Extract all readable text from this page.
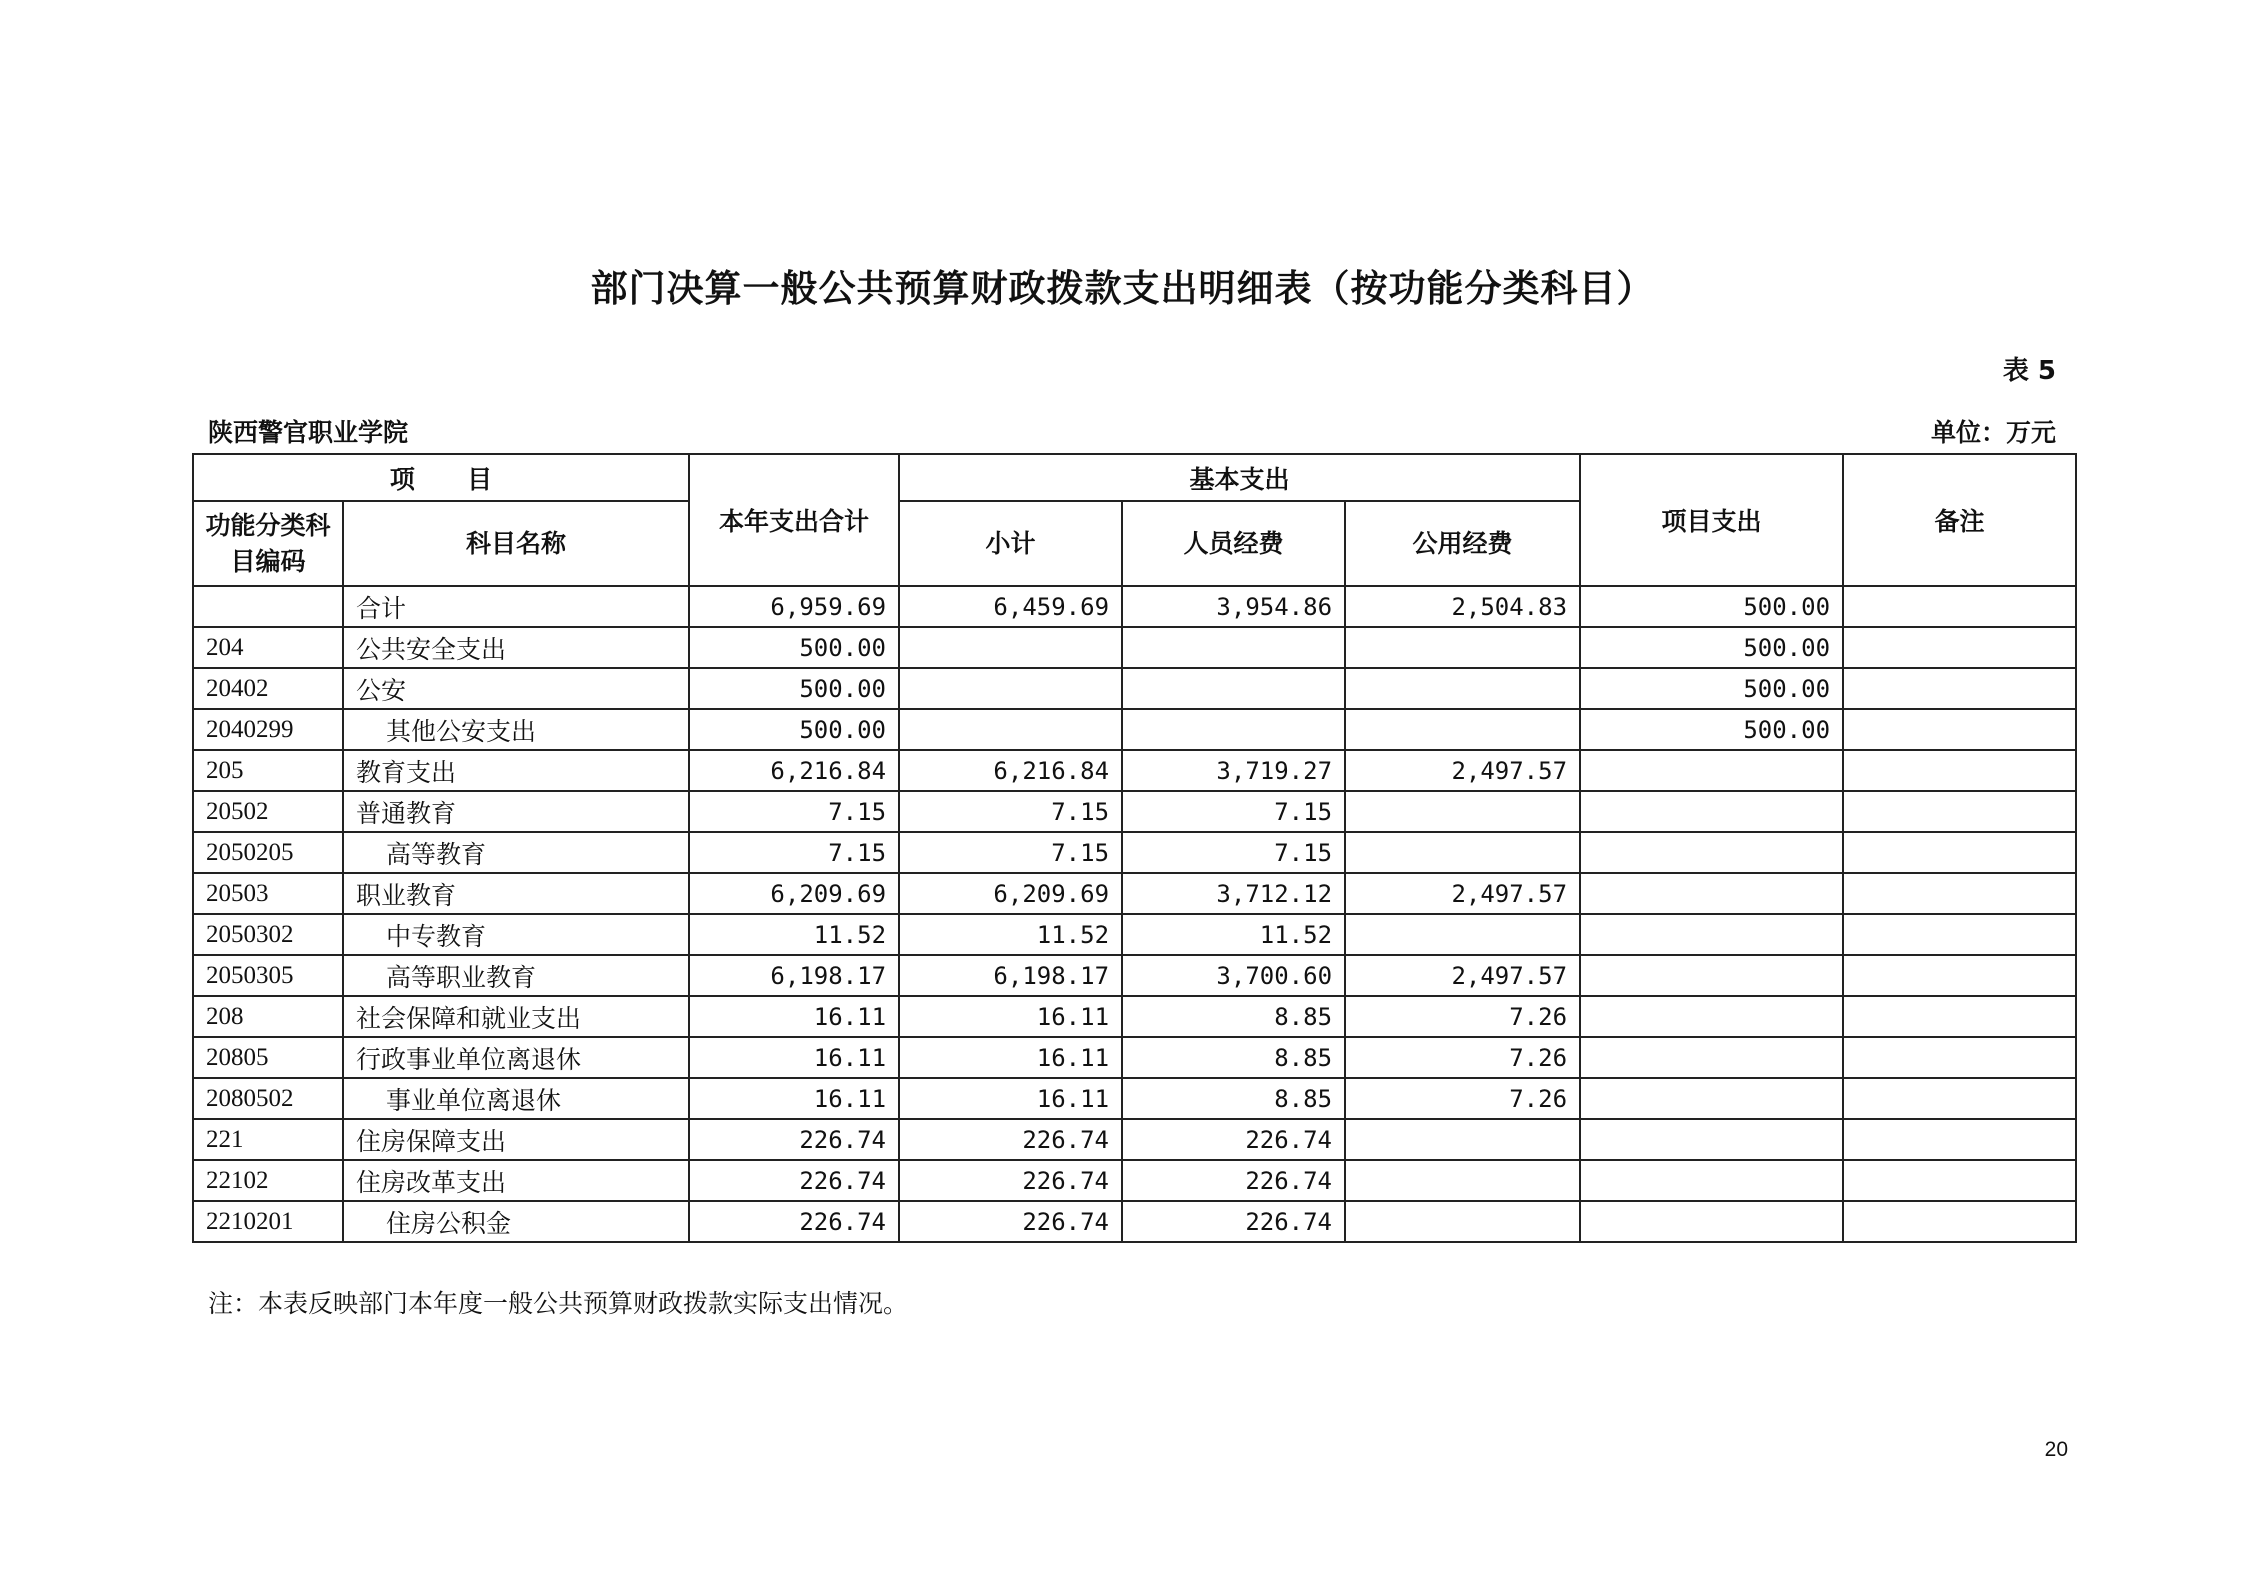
部门决算一般公共预算财政拨款支出明细表（按功能分类科目）
表 5
陕西警官职业学院	单位：万元
项      目		本年支出合计	基本支出			项目支出	备注
功能分类科目编码	科目名称		小计	人员经费	公用经费		
	合计	6,959.69	6,459.69	3,954.86	2,504.83	500.00	
204	公共安全支出	500.00				500.00	
20402	公安	500.00				500.00	
2040299	其他公安支出	500.00				500.00	
205	教育支出	6,216.84	6,216.84	3,719.27	2,497.57		
20502	普通教育	7.15	7.15	7.15			
2050205	高等教育	7.15	7.15	7.15			
20503	职业教育	6,209.69	6,209.69	3,712.12	2,497.57		
2050302	中专教育	11.52	11.52	11.52			
2050305	高等职业教育	6,198.17	6,198.17	3,700.60	2,497.57		
208	社会保障和就业支出	16.11	16.11	8.85	7.26		
20805	行政事业单位离退休	16.11	16.11	8.85	7.26		
2080502	事业单位离退休	16.11	16.11	8.85	7.26		
221	住房保障支出	226.74	226.74	226.74			
22102	住房改革支出	226.74	226.74	226.74			
2210201	住房公积金	226.74	226.74	226.74			
注：本表反映部门本年度一般公共预算财政拨款实际支出情况。
20
